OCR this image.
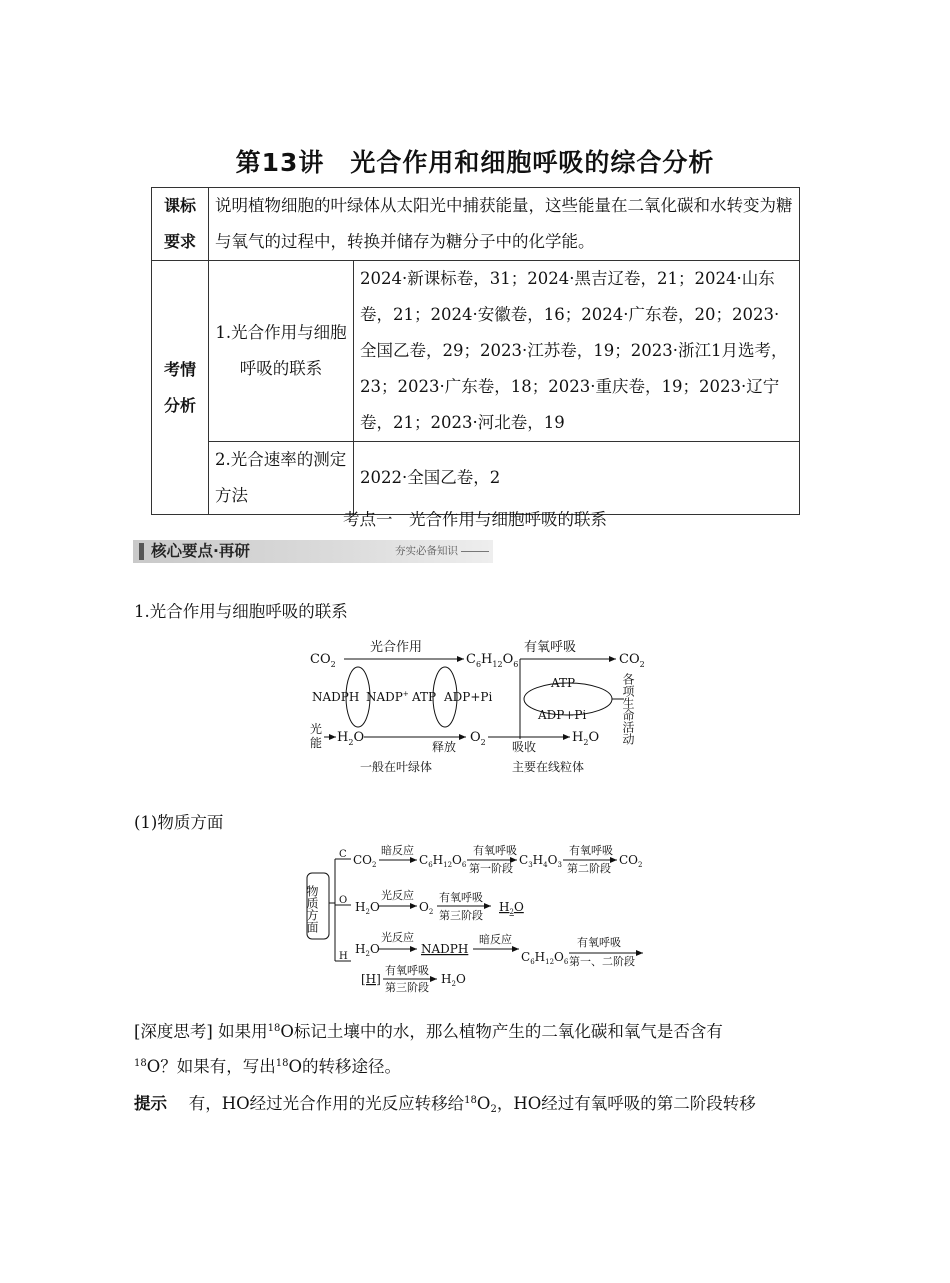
第13讲　光合作用和细胞呼吸的综合分析
课标要求	说明植物细胞的叶绿体从太阳光中捕获能量，这些能量在二氧化碳和水转变为糖与氧气的过程中，转换并储存为糖分子中的化学能。	
考情分析	1.光合作用与细胞呼吸的联系	2024·新课标卷，31；2024·黑吉辽卷，21；2024·山东卷，21；2024·安徽卷，16；2024·广东卷，20；2023·全国乙卷，29；2023·江苏卷，19；2023·浙江1月选考，23；2023·广东卷，18；2023·重庆卷，19；2023·辽宁卷，21；2023·河北卷，19
	2.光合速率的测定方法	2022·全国乙卷，2
考点一　光合作用与细胞呼吸的联系
核心要点·再研	夯实必备知识
1.光合作用与细胞呼吸的联系
$CO_2$
光合作用
$C_6H_{12}O_6$
有氧呼吸
$CO_2$
NADPH NADP+ ATP ADP+Pi
ATP
ADP+Pi	各项生命活动
光
能 $H_2O$
释放
$O_2$ 吸收
$H_2O$
一般在叶绿体	主要在线粒体
(1)物质方面
物质方面
C $CO_2$
暗反应
$C_6H_{12}O_6$
有氧呼吸
第一阶段
$C_3H_4O_3$
有氧呼吸
第二阶段
$CO_2$
O $H_2O$
光反应
$O_2$
有氧呼吸
第三阶段
$H_2O$
H
$H_2O$
光反应
NADPH
暗反应
$C_6H_{12}O_6$
有氧呼吸
第一、二阶段
[H]
有氧呼吸
第三阶段
$H_2O$
[深度思考] 如果用$^{18}$O标记土壤中的水，那么植物产生的二氧化碳和氧气是否含有
$^{18}$O？如果有，写出$^{18}$O的转移途径。
提示　 有，HO经过光合作用的光反应转移给$^{18}$O2，HO经过有氧呼吸的第二阶段转移
